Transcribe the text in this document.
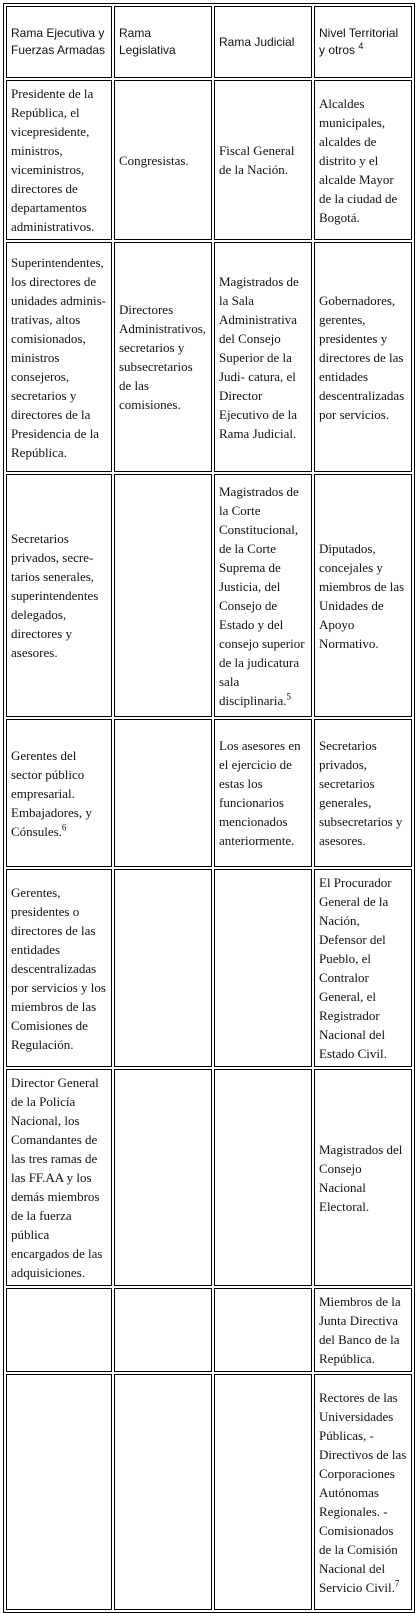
Rama Ejecutiva y Fuerzas Armadas	Rama Legislativa	Rama Judicial	Nivel Territorial y otros $^4$
Presidente de la República, el vicepresidente, ministros, viceministros, directores de departamentos administrativos.	Congresistas.	Fiscal General de la Nación.	Alcaldes municipales, alcaldes de distrito y el alcalde Mayor de la ciudad de Bogotá.
Superintendentes, los directores de unidades adminis- trativas, altos comisionados, ministros consejeros, secretarios y directores de la Presidencia de la República.	Directores Administrativos, secretarios y subsecretarios de las comisiones.	Magistrados de la Sala Administrativa del Consejo Superior de la Judi- catura, el Director Ejecutivo de la Rama Judicial.	Gobernadores, gerentes, presidentes y directores de las entidades descentralizadas por servicios.
Secretarios privados, secre- tarios senerales, superintendentes delegados, directores y asesores.		Magistrados de la Corte Constitucional, de la Corte Suprema de Justicia, del Consejo de Estado y del consejo superior de la judicatura sala disciplinaria.$^5$	Diputados, concejales y miembros de las Unidades de Apoyo Normativo.
Gerentes del sector público empresarial. Embajadores, y Cónsules.$^6$		Los asesores en el ejercicio de estas los funcionarios mencionados anteriormente.	Secretarios privados, secretarios generales, subsecretarios y asesores.
Gerentes, presidentes o directores de las entidades descentralizadas por servicios y los miembros de las Comisiones de Regulación.			El Procurador General de la Nación, Defensor del Pueblo, el Contralor General, el Registrador Nacional del Estado Civil.
Director General de la Policía Nacional, los Comandantes de las tres ramas de las FF.AA y los demás miembros de la fuerza pública encargados de las adquisiciones.			Magistrados del Consejo Nacional Electoral.
			Miembros de la Junta Directiva del Banco de la República.
			Rectores de las Universidades Públicas, - Directivos de las Corporaciones Autónomas Regionales. - Comisionados de la Comisión Nacional del Servicio Civil.$^7$
